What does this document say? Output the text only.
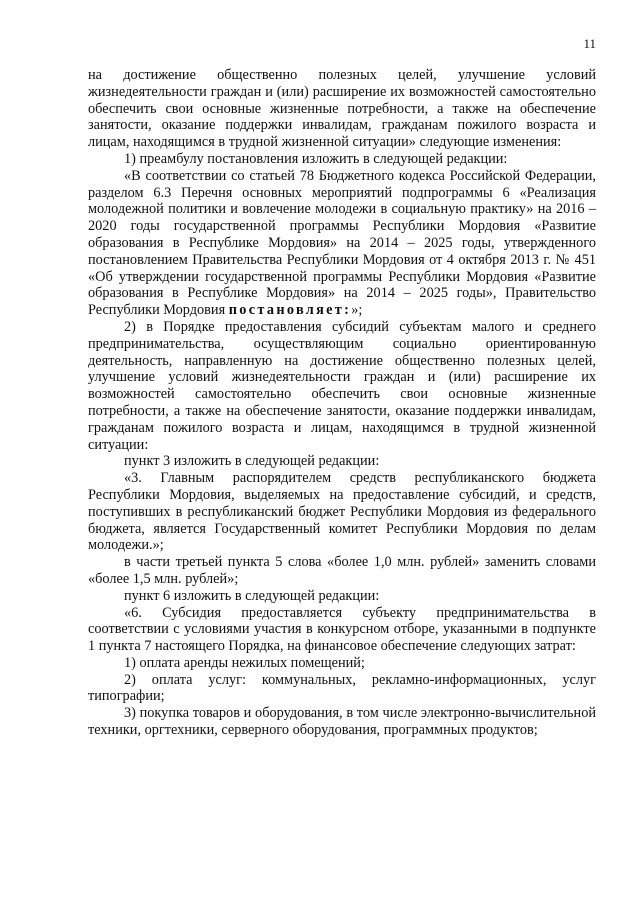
11

на достижение общественно полезных целей, улучшение условий жизнедеятельности граждан и (или) расширение их возможностей самостоятельно обеспечить свои основные жизненные потребности, а также на обеспечение занятости, оказание поддержки инвалидам, гражданам пожилого возраста и лицам, находящимся в трудной жизненной ситуации» следующие изменения:

1) преамбулу постановления изложить в следующей редакции:

«В соответствии со статьей 78 Бюджетного кодекса Российской Федерации, разделом 6.3 Перечня основных мероприятий подпрограммы 6 «Реализация молодежной политики и вовлечение молодежи в социальную практику» на 2016 – 2020 годы государственной программы Республики Мордовия «Развитие образования в Республике Мордовия» на 2014 – 2025 годы, утвержденного постановлением Правительства Республики Мордовия от 4 октября 2013 г. № 451 «Об утверждении государственной программы Республики Мордовия «Развитие образования в Республике Мордовия» на 2014 – 2025 годы», Правительство Республики Мордовия постановляет:»;

2) в Порядке предоставления субсидий субъектам малого и среднего предпринимательства, осуществляющим социально ориентированную деятельность, направленную на достижение общественно полезных целей, улучшение условий жизнедеятельности граждан и (или) расширение их возможностей самостоятельно обеспечить свои основные жизненные потребности, а также на обеспечение занятости, оказание поддержки инвалидам, гражданам пожилого возраста и лицам, находящимся в трудной жизненной ситуации:

пункт 3 изложить в следующей редакции:

«3. Главным распорядителем средств республиканского бюджета Республики Мордовия, выделяемых на предоставление субсидий, и средств, поступивших в республиканский бюджет Республики Мордовия из федерального бюджета, является Государственный комитет Республики Мордовия по делам молодежи.»;

в части третьей пункта 5 слова «более 1,0 млн. рублей» заменить словами «более 1,5 млн. рублей»;

пункт 6 изложить в следующей редакции:

«6. Субсидия предоставляется субъекту предпринимательства в соответствии с условиями участия в конкурсном отборе, указанными в подпункте 1 пункта 7 настоящего Порядка, на финансовое обеспечение следующих затрат:

1) оплата аренды нежилых помещений;

2) оплата услуг: коммунальных, рекламно-информационных, услуг типографии;

3) покупка товаров и оборудования, в том числе электронно-вычислительной техники, оргтехники, серверного оборудования, программных продуктов;
